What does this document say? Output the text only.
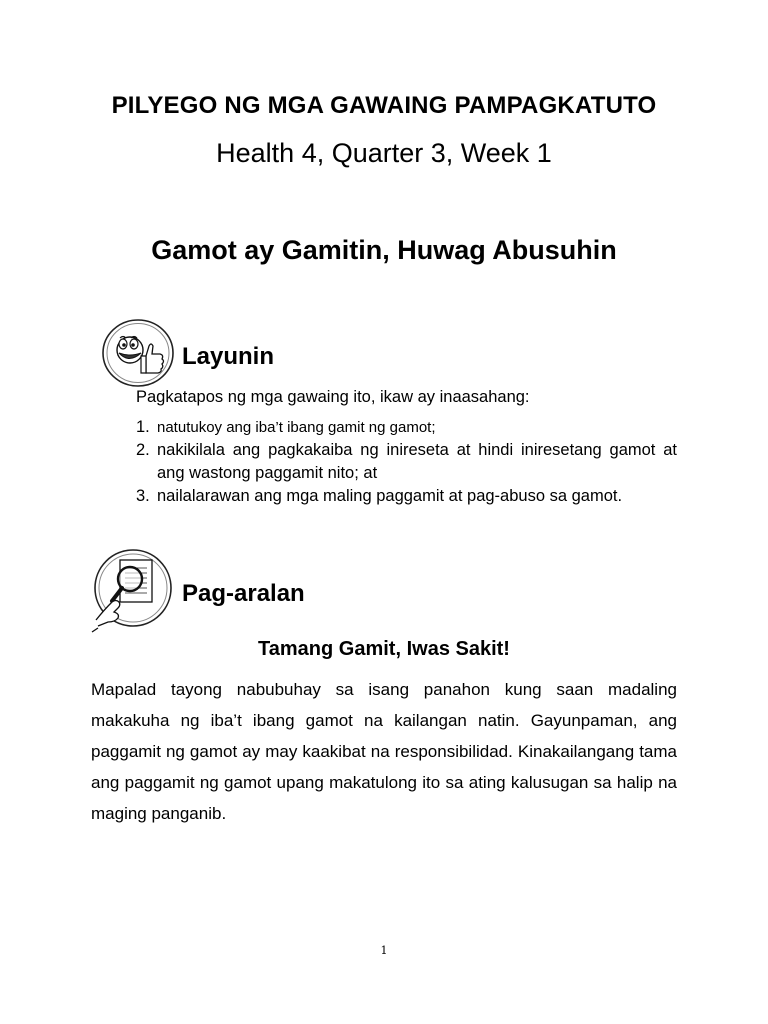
PILYEGO NG MGA GAWAING PAMPAGKATUTO
Health 4, Quarter 3, Week 1
Gamot ay Gamitin, Huwag Abusuhin
Layunin
Pagkatapos ng mga gawaing ito, ikaw ay inaasahang:
1. natutukoy ang iba’t ibang gamit ng gamot;
2. nakikilala ang pagkakaiba ng inireseta at hindi iniresetang gamot at ang wastong paggamit nito; at
3. nailalarawan ang mga maling paggamit at pag-abuso sa gamot.
Pag-aralan
Tamang Gamit, Iwas Sakit!

Mapalad tayong nabubuhay sa isang panahon kung saan madaling makakuha ng iba’t ibang gamot na kailangan natin. Gayunpaman, ang paggamit ng gamot ay may kaakibat na responsibilidad. Kinakailangang tama ang paggamit ng gamot upang makatulong ito sa ating kalusugan sa halip na maging panganib.

1
